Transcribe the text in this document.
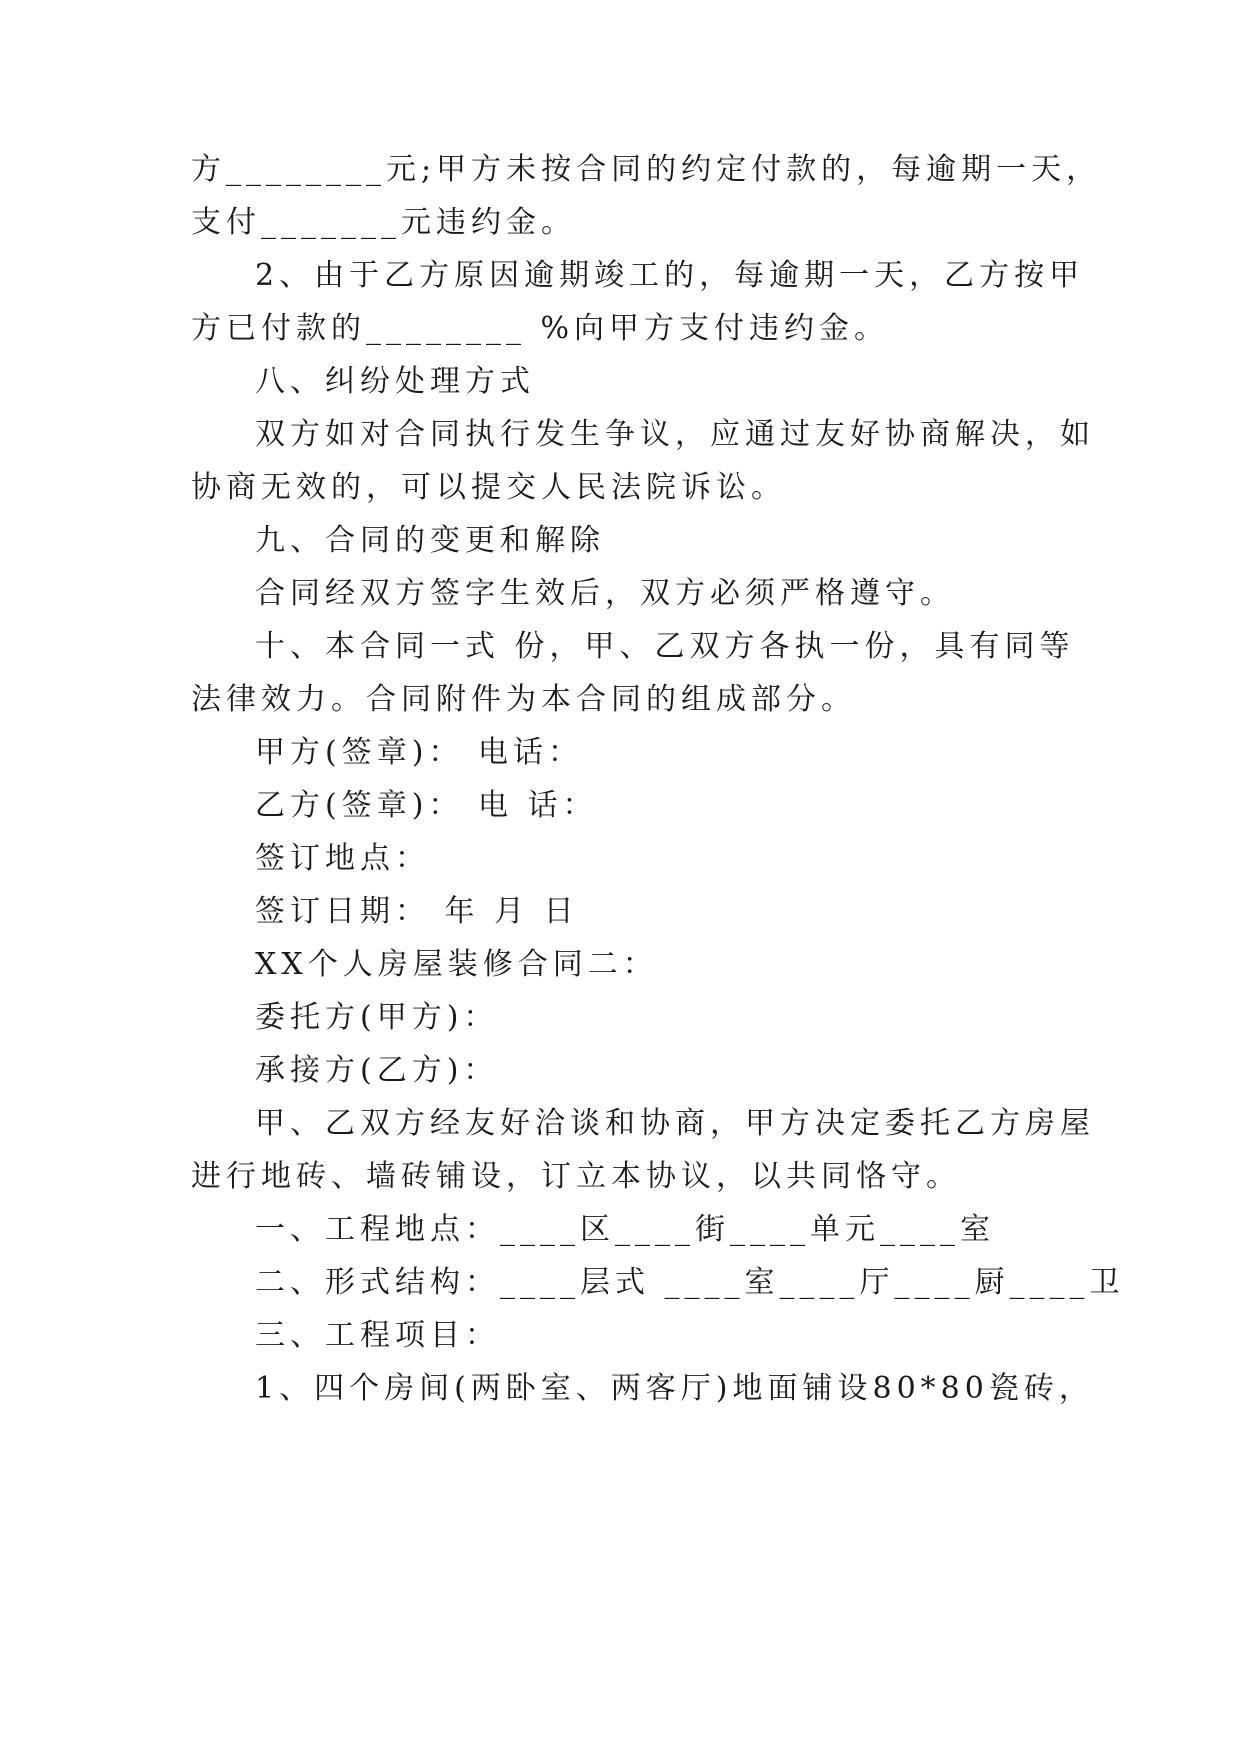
方________元;甲方未按合同的约定付款的，每逾期一天，
支付_______元违约金。
2、由于乙方原因逾期竣工的，每逾期一天，乙方按甲
方已付款的________ %向甲方支付违约金。
八、纠纷处理方式
双方如对合同执行发生争议，应通过友好协商解决，如
协商无效的，可以提交人民法院诉讼。
九、合同的变更和解除
合同经双方签字生效后，双方必须严格遵守。
十、本合同一式 份，甲、乙双方各执一份，具有同等
法律效力。合同附件为本合同的组成部分。
甲方(签章)： 电话：
乙方(签章)： 电 话：
签订地点：
签订日期： 年 月 日
XX个人房屋装修合同二：
委托方(甲方)：
承接方(乙方)：
甲、乙双方经友好洽谈和协商，甲方决定委托乙方房屋
进行地砖、墙砖铺设，订立本协议，以共同恪守。
一、工程地点：____区____街____单元____室
二、形式结构：____层式 ____室____厅____厨____卫
三、工程项目：
1、四个房间(两卧室、两客厅)地面铺设80*80瓷砖，
